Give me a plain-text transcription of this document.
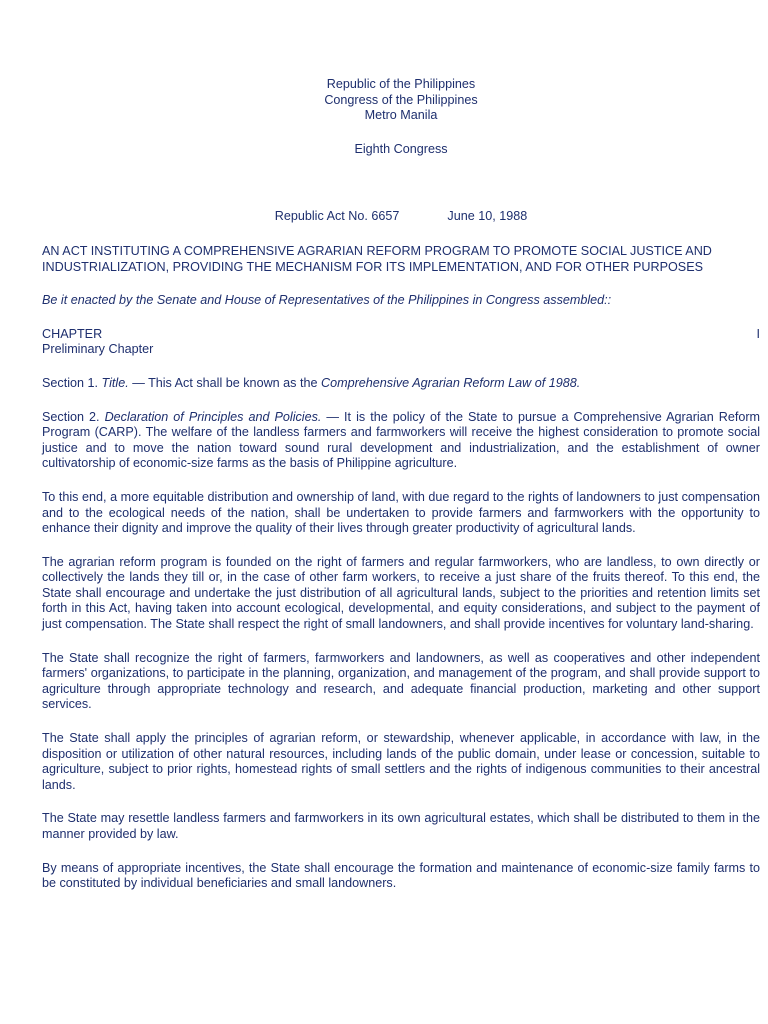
Republic of the Philippines
Congress of the Philippines
Metro Manila
Eighth Congress
Republic Act No. 6657	June 10, 1988
AN ACT INSTITUTING A COMPREHENSIVE AGRARIAN REFORM PROGRAM TO PROMOTE SOCIAL JUSTICE AND INDUSTRIALIZATION, PROVIDING THE MECHANISM FOR ITS IMPLEMENTATION, AND FOR OTHER PURPOSES
Be it enacted by the Senate and House of Representatives of the Philippines in Congress assembled::
CHAPTER	I
Preliminary Chapter
Section 1. Title. — This Act shall be known as the Comprehensive Agrarian Reform Law of 1988.
Section 2. Declaration of Principles and Policies. — It is the policy of the State to pursue a Comprehensive Agrarian Reform Program (CARP). The welfare of the landless farmers and farmworkers will receive the highest consideration to promote social justice and to move the nation toward sound rural development and industrialization, and the establishment of owner cultivatorship of economic-size farms as the basis of Philippine agriculture.
To this end, a more equitable distribution and ownership of land, with due regard to the rights of landowners to just compensation and to the ecological needs of the nation, shall be undertaken to provide farmers and farmworkers with the opportunity to enhance their dignity and improve the quality of their lives through greater productivity of agricultural lands.
The agrarian reform program is founded on the right of farmers and regular farmworkers, who are landless, to own directly or collectively the lands they till or, in the case of other farm workers, to receive a just share of the fruits thereof. To this end, the State shall encourage and undertake the just distribution of all agricultural lands, subject to the priorities and retention limits set forth in this Act, having taken into account ecological, developmental, and equity considerations, and subject to the payment of just compensation. The State shall respect the right of small landowners, and shall provide incentives for voluntary land-sharing.
The State shall recognize the right of farmers, farmworkers and landowners, as well as cooperatives and other independent farmers' organizations, to participate in the planning, organization, and management of the program, and shall provide support to agriculture through appropriate technology and research, and adequate financial production, marketing and other support services.
The State shall apply the principles of agrarian reform, or stewardship, whenever applicable, in accordance with law, in the disposition or utilization of other natural resources, including lands of the public domain, under lease or concession, suitable to agriculture, subject to prior rights, homestead rights of small settlers and the rights of indigenous communities to their ancestral lands.
The State may resettle landless farmers and farmworkers in its own agricultural estates, which shall be distributed to them in the manner provided by law.
By means of appropriate incentives, the State shall encourage the formation and maintenance of economic-size family farms to be constituted by individual beneficiaries and small landowners.
